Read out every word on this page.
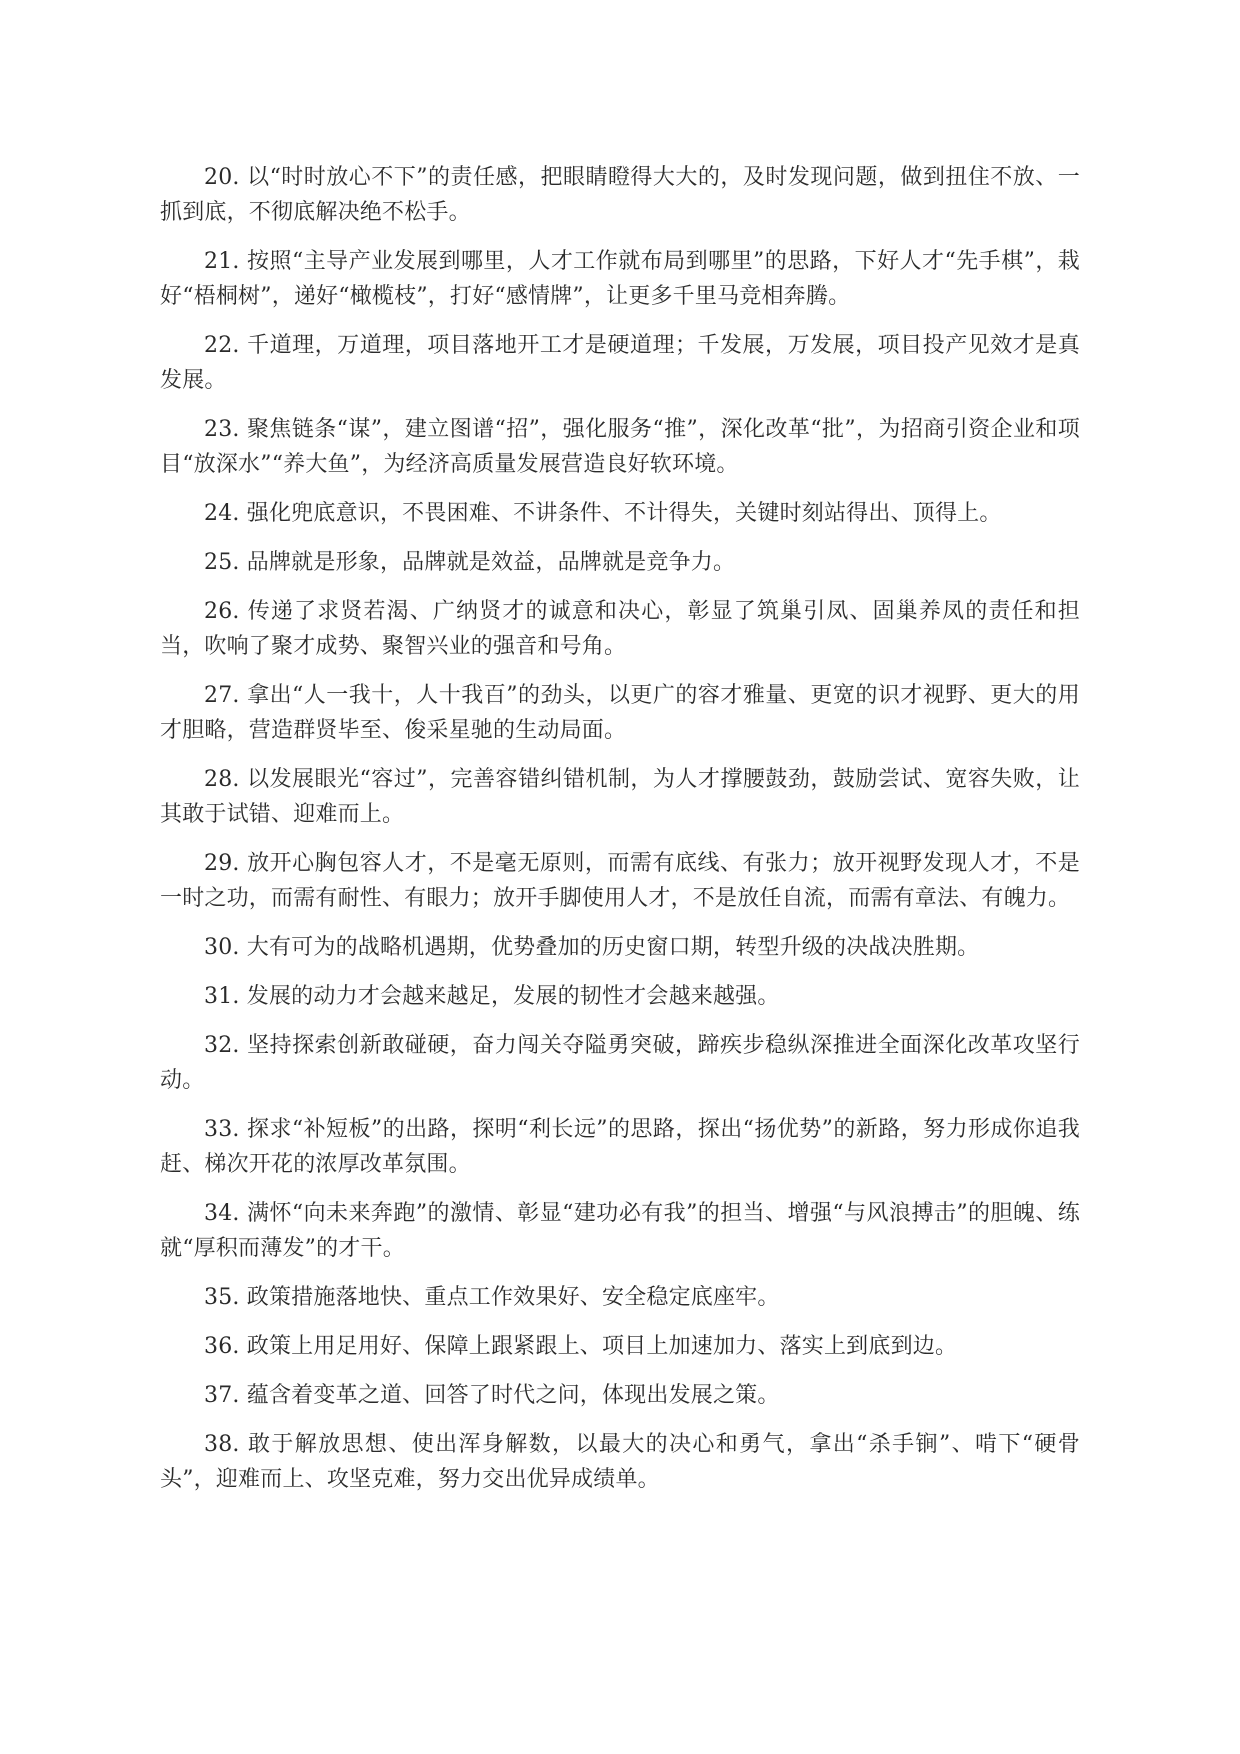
20. 以“时时放心不下”的责任感，把眼睛瞪得大大的，及时发现问题，做到扭住不放、一抓到底，不彻底解决绝不松手。

21. 按照“主导产业发展到哪里，人才工作就布局到哪里”的思路，下好人才“先手棋”，栽好“梧桐树”，递好“橄榄枝”，打好“感情牌”，让更多千里马竞相奔腾。

22. 千道理，万道理，项目落地开工才是硬道理；千发展，万发展，项目投产见效才是真发展。

23. 聚焦链条“谋”，建立图谱“招”，强化服务“推”，深化改革“批”，为招商引资企业和项目“放深水”“养大鱼”，为经济高质量发展营造良好软环境。

24. 强化兜底意识，不畏困难、不讲条件、不计得失，关键时刻站得出、顶得上。

25. 品牌就是形象，品牌就是效益，品牌就是竞争力。

26. 传递了求贤若渴、广纳贤才的诚意和决心，彰显了筑巢引凤、固巢养凤的责任和担当，吹响了聚才成势、聚智兴业的强音和号角。

27. 拿出“人一我十，人十我百”的劲头，以更广的容才雅量、更宽的识才视野、更大的用才胆略，营造群贤毕至、俊采星驰的生动局面。

28. 以发展眼光“容过”，完善容错纠错机制，为人才撑腰鼓劲，鼓励尝试、宽容失败，让其敢于试错、迎难而上。

29. 放开心胸包容人才，不是毫无原则，而需有底线、有张力；放开视野发现人才，不是一时之功，而需有耐性、有眼力；放开手脚使用人才，不是放任自流，而需有章法、有魄力。

30. 大有可为的战略机遇期，优势叠加的历史窗口期，转型升级的决战决胜期。

31. 发展的动力才会越来越足，发展的韧性才会越来越强。

32. 坚持探索创新敢碰硬，奋力闯关夺隘勇突破，蹄疾步稳纵深推进全面深化改革攻坚行动。

33. 探求“补短板”的出路，探明“利长远”的思路，探出“扬优势”的新路，努力形成你追我赶、梯次开花的浓厚改革氛围。

34. 满怀“向未来奔跑”的激情、彰显“建功必有我”的担当、增强“与风浪搏击”的胆魄、练就“厚积而薄发”的才干。

35. 政策措施落地快、重点工作效果好、安全稳定底座牢。

36. 政策上用足用好、保障上跟紧跟上、项目上加速加力、落实上到底到边。

37. 蕴含着变革之道、回答了时代之问，体现出发展之策。

38. 敢于解放思想、使出浑身解数，以最大的决心和勇气，拿出“杀手锏”、啃下“硬骨头”，迎难而上、攻坚克难，努力交出优异成绩单。
